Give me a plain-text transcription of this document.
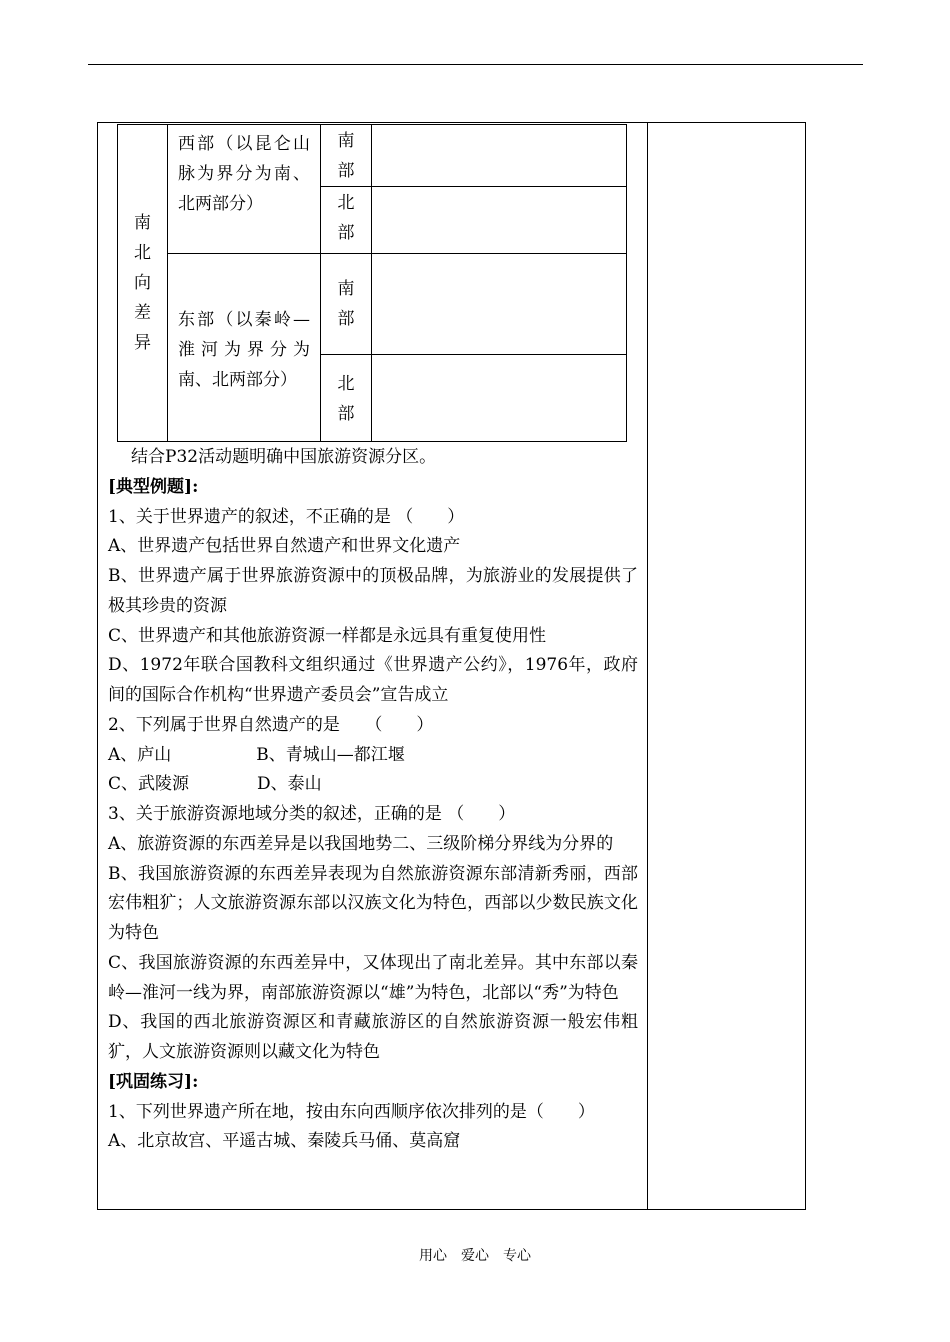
南北向差异	西部（以昆仑山脉为界分为南、北两部分）	南部	
		北部	
	东部（以秦岭—淮河为界分为南、北两部分）	南部	
		北部	

结合P32活动题明确中国旅游资源分区。

[典型例题]:

1、关于世界遗产的叙述，不正确的是 （　　）

A、世界遗产包括世界自然遗产和世界文化遗产

B、世界遗产属于世界旅游资源中的顶极品牌，为旅游业的发展提供了极其珍贵的资源

C、世界遗产和其他旅游资源一样都是永远具有重复使用性

D、1972年联合国教科文组织通过《世界遗产公约》，1976年，政府间的国际合作机构“世界遗产委员会”宣告成立

2、下列属于世界自然遗产的是　　（　　）

A、庐山　　　　　B、青城山—都江堰

C、武陵源　　　　D、泰山

3、关于旅游资源地域分类的叙述，正确的是 （　　）

A、旅游资源的东西差异是以我国地势二、三级阶梯分界线为分界的

B、我国旅游资源的东西差异表现为自然旅游资源东部清新秀丽，西部宏伟粗犷；人文旅游资源东部以汉族文化为特色，西部以少数民族文化为特色

C、我国旅游资源的东西差异中，又体现出了南北差异。其中东部以秦岭—淮河一线为界，南部旅游资源以“雄”为特色，北部以“秀”为特色

D、我国的西北旅游资源区和青藏旅游区的自然旅游资源一般宏伟粗犷，人文旅游资源则以藏文化为特色

[巩固练习]:

1、下列世界遗产所在地，按由东向西顺序依次排列的是（　　）

A、北京故宫、平遥古城、秦陵兵马俑、莫高窟

用心　爱心　专心
